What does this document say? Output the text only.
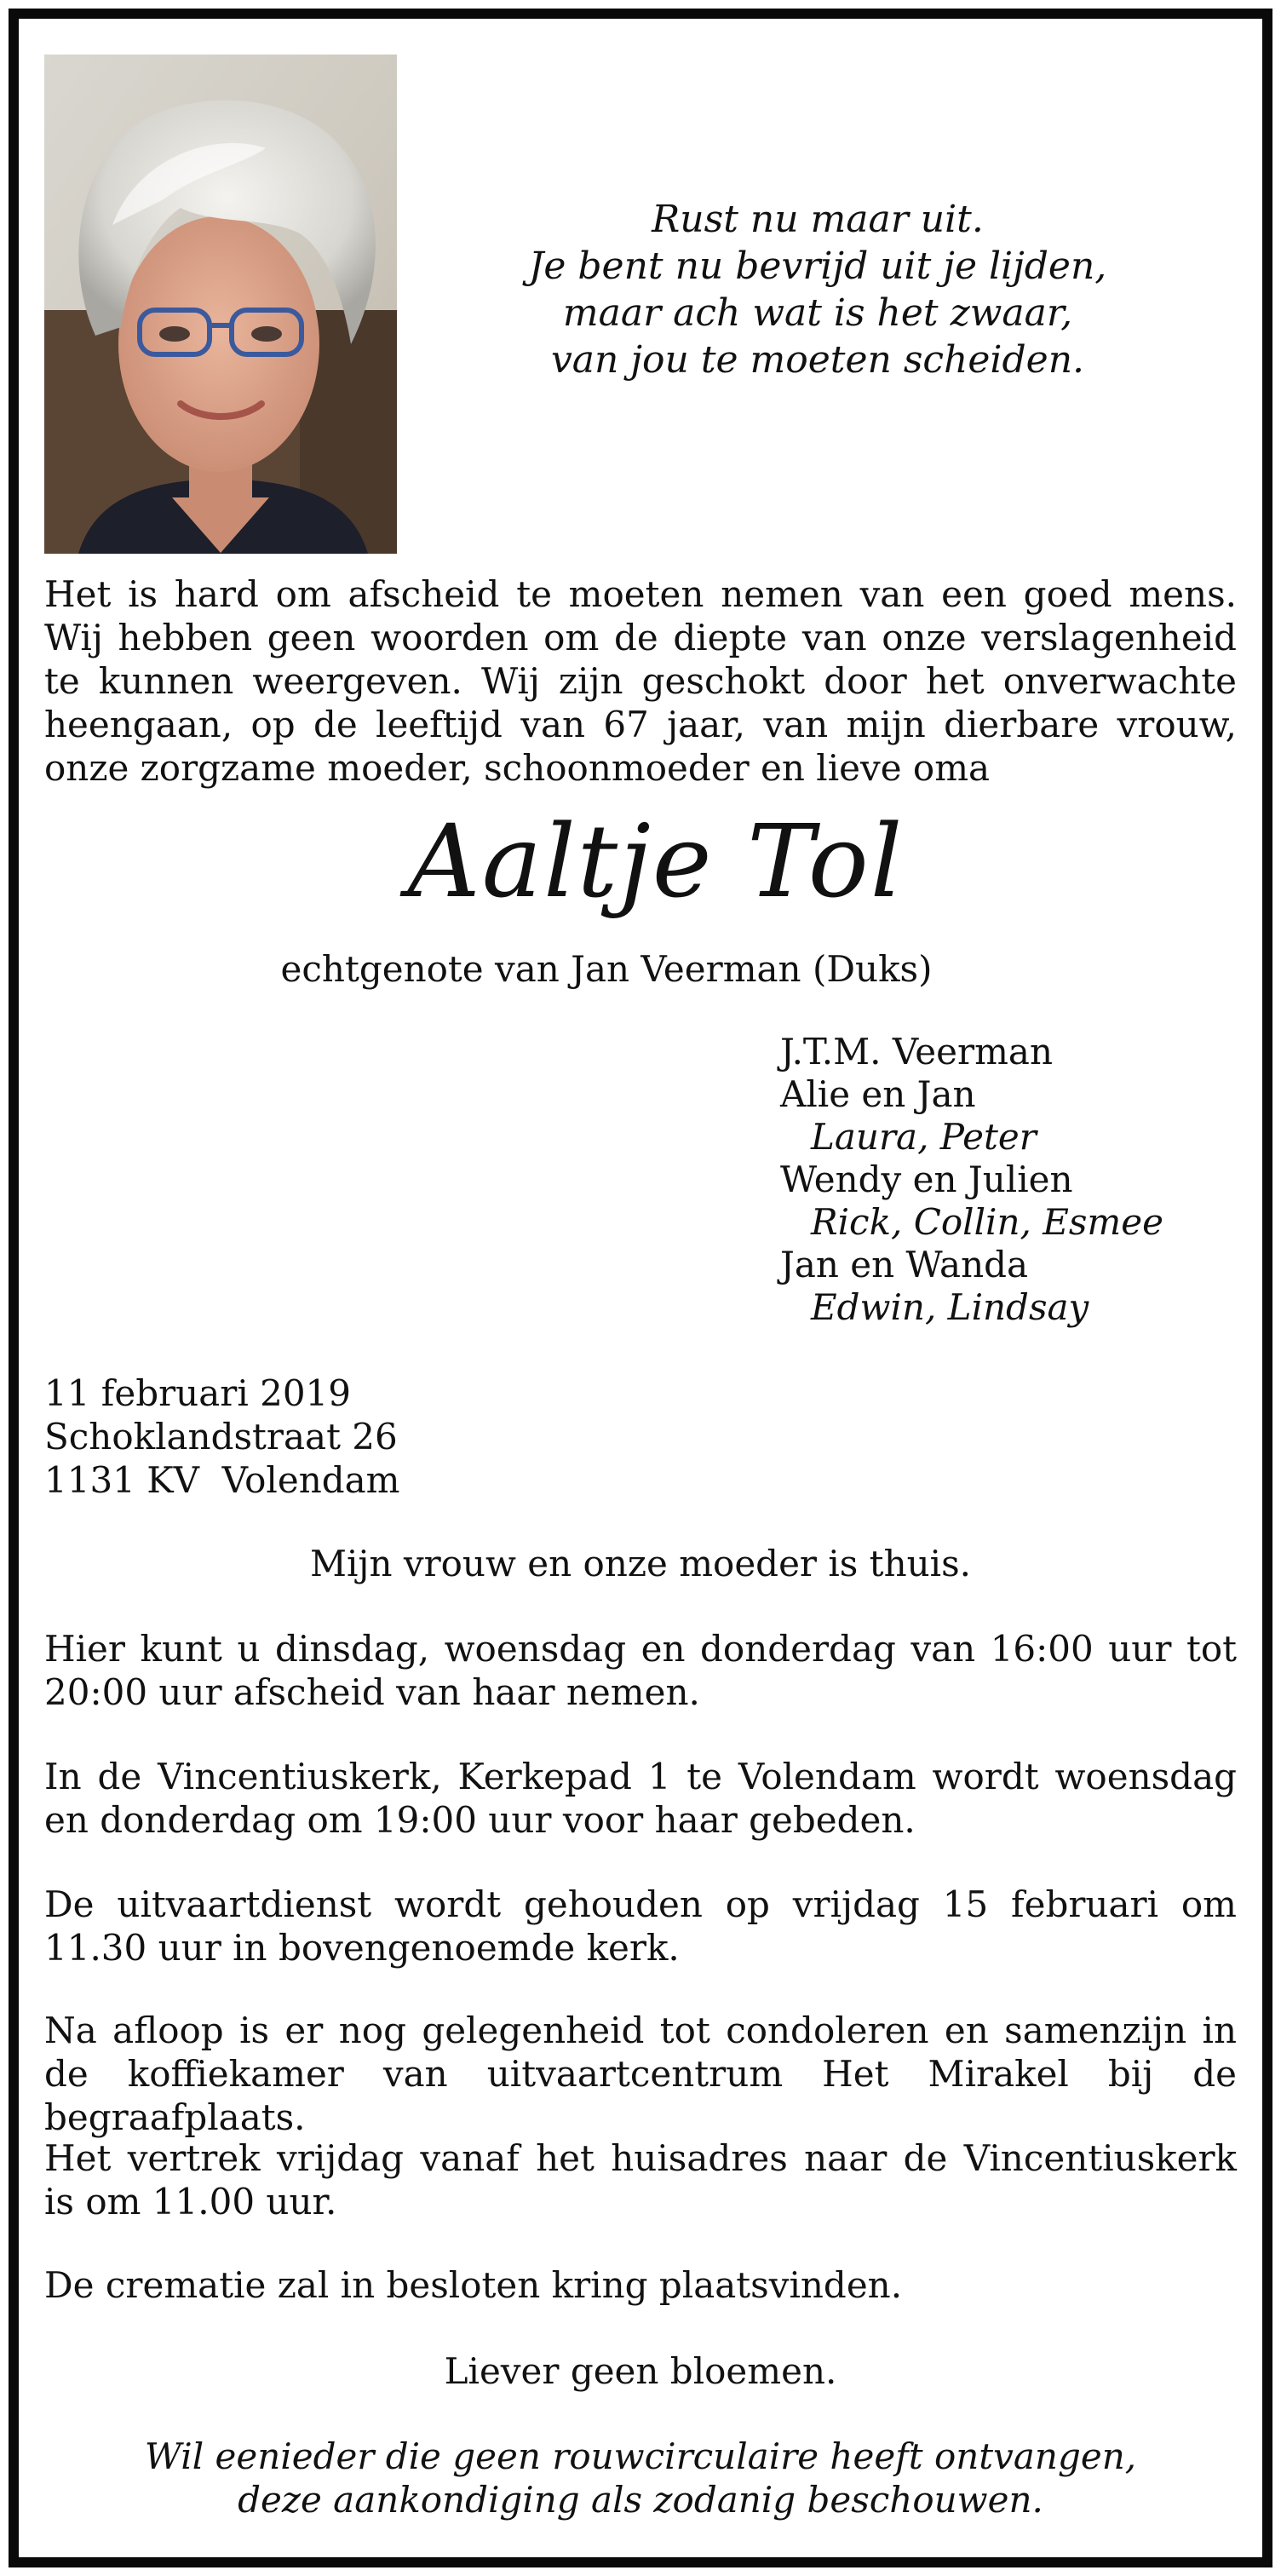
Rust nu maar uit.
Je bent nu bevrijd uit je lijden,
maar ach wat is het zwaar,
van jou te moeten scheiden.
Het is hard om afscheid te moeten nemen van een goed mens. Wij hebben geen woorden om de diepte van onze verslagenheid te kunnen weergeven. Wij zijn geschokt door het onverwachte heengaan, op de leeftijd van 67 jaar, van mijn dierbare vrouw, onze zorgzame moeder, schoonmoeder en lieve oma
Aaltje Tol
echtgenote van Jan Veerman (Duks)
J.T.M. Veerman
Alie en Jan
Laura, Peter
Wendy en Julien
Rick, Collin, Esmee
Jan en Wanda
Edwin, Lindsay
11 februari 2019
Schoklandstraat 26
1131 KV  Volendam
Mijn vrouw en onze moeder is thuis.
Hier kunt u dinsdag, woensdag en donderdag van 16:00 uur tot 20:00 uur afscheid van haar nemen.
In de Vincentiuskerk, Kerkepad 1 te Volendam wordt woensdag en donderdag om 19:00 uur voor haar gebeden.
De uitvaartdienst wordt gehouden op vrijdag 15 februari om 11.30 uur in bovengenoemde kerk.
Na afloop is er nog gelegenheid tot condoleren en samenzijn in de koffiekamer van uitvaartcentrum Het Mirakel bij de begraafplaats.
Het vertrek vrijdag vanaf het huisadres naar de Vincentiuskerk is om 11.00 uur.
De crematie zal in besloten kring plaatsvinden.
Liever geen bloemen.
Wil eenieder die geen rouwcirculaire heeft ontvangen,
deze aankondiging als zodanig beschouwen.
